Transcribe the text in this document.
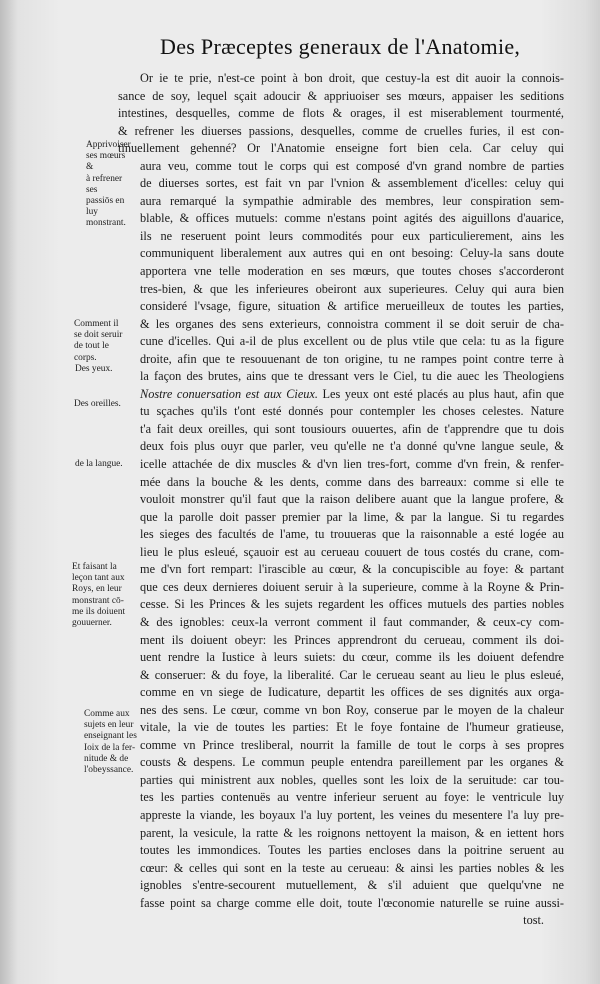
Des Præceptes generaux de l'Anatomie,
Or ie te prie, n'est-ce point à bon droit, que cestuy-la est dit auoir la connois-
sance de soy, lequel sçait adoucir & appriuoiser ses mœurs, appaiser les seditions
intestines, desquelles, comme de flots & orages, il est miserablement tourmenté,
& refrener les diuerses passions, desquelles, comme de cruelles furies, il est con-
tinuellement gehenné? Or l'Anatomie enseigne fort bien cela. Car celuy qui
aura veu, comme tout le corps qui est composé d'vn grand nombre de parties
de diuerses sortes, est fait vn par l'vnion & assemblement d'icelles: celuy qui
aura remarqué la sympathie admirable des membres, leur conspiration sem-
blable, & offices mutuels: comme n'estans point agités des aiguillons d'auarice,
ils ne reseruent point leurs commodités pour eux particulierement, ains les
communiquent liberalement aux autres qui en ont besoing: Celuy-la sans doute
apportera vne telle moderation en ses mœurs, que toutes choses s'accorderont
tres-bien, & que les inferieures obeiront aux superieures. Celuy qui aura bien
consideré l'vsage, figure, situation & artifice merueilleux de toutes les parties,
& les organes des sens exterieurs, connoistra comment il se doit seruir de cha-
cune d'icelles. Qui a-il de plus excellent ou de plus vtile que cela: tu as la figure
droite, afin que te resouuenant de ton origine, tu ne rampes point contre terre à
la façon des brutes, ains que te dressant vers le Ciel, tu die auec les Theologiens
Nostre conuersation est aux Cieux. Les yeux ont esté placés au plus haut, afin que
tu sçaches qu'ils t'ont esté donnés pour contempler les choses celestes. Nature
t'a fait deux oreilles, qui sont tousiours ouuertes, afin de t'apprendre que tu dois
deux fois plus ouyr que parler, veu qu'elle ne t'a donné qu'vne langue seule, &
icelle attachée de dix muscles & d'vn lien tres-fort, comme d'vn frein, & renfer-
mée dans la bouche & les dents, comme dans des barreaux: comme si elle te
vouloit monstrer qu'il faut que la raison delibere auant que la langue profere, &
que la parolle doit passer premier par la lime, & par la langue. Si tu regardes
les sieges des facultés de l'ame, tu trouueras que la raisonnable a esté logée au
lieu le plus esleué, sçauoir est au cerueau couuert de tous costés du crane, com-
me d'vn fort rempart: l'irascible au cœur, & la concupiscible au foye: & partant
que ces deux dernieres doiuent seruir à la superieure, comme à la Royne & Prin-
cesse. Si les Princes & les sujets regardent les offices mutuels des parties nobles
& des ignobles: ceux-la verront comment il faut commander, & ceux-cy com-
ment ils doiuent obeyr: les Princes apprendront du cerueau, comment ils doi-
uent rendre la Iustice à leurs suiets: du cœur, comme ils les doiuent defendre
& conseruer: & du foye, la liberalité. Car le cerueau seant au lieu le plus esleué,
comme en vn siege de Iudicature, departit les offices de ses dignités aux orga-
nes des sens. Le cœur, comme vn bon Roy, conserue par le moyen de la chaleur
vitale, la vie de toutes les parties: Et le foye fontaine de l'humeur gratieuse,
comme vn Prince tresliberal, nourrit la famille de tout le corps à ses propres
cousts & despens. Le commun peuple entendra pareillement par les organes &
parties qui ministrent aux nobles, quelles sont les loix de la seruitude: car tou-
tes les parties contenuës au ventre inferieur seruent au foye: le ventricule luy
apprestе la viande, les boyaux l'a luy portent, les veines du mesentere l'a luy pre-
parent, la vesicule, la ratte & les roignons nettoyent la maison, & en iettent hors
toutes les immondices. Toutes les parties encloses dans la poitrine seruent au
cœur: & celles qui sont en la teste au cerueau: & ainsi les parties nobles & les
ignobles s'entre-secourent mutuellement, & s'il aduient que quelqu'vne ne
fasse point sa charge comme elle doit, toute l'œconomie naturelle se ruine aussi-
tost.
Apprivoiser
ses mœurs &
à refrener ses
passiōs en luy
monstrant.
Comment il
se doit seruir
de tout le
corps.
Des yeux.
Des oreilles.
de la langue.
Et faisant la
leçon tant aux
Roys, en leur
monstrant cō-
me ils doiuent
gouuerner.
Comme aux
sujets en leur
enseignant les
Ioix de la fer-
nitude & de
l'obeyssance.
